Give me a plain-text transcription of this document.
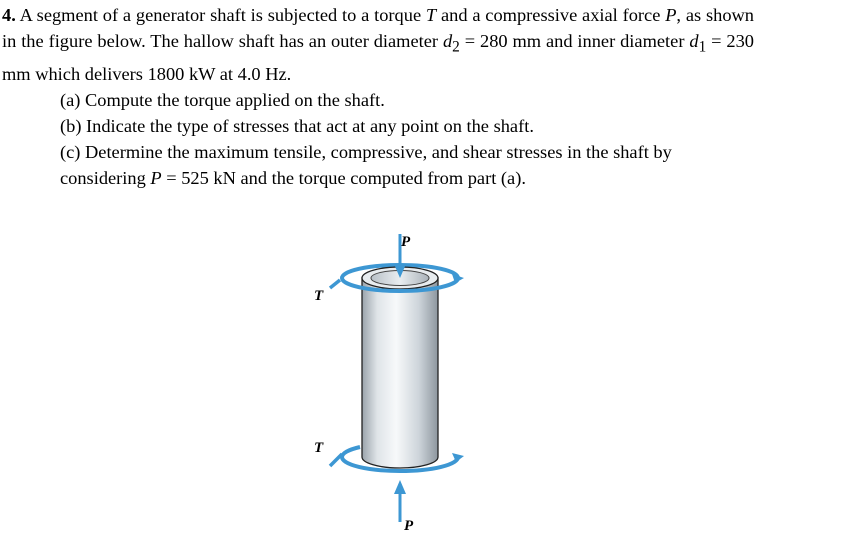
4. A segment of a generator shaft is subjected to a torque T and a compressive axial force P, as shown in the figure below. The hallow shaft has an outer diameter $d_2 = 280$ mm and inner diameter $d_1 = 230$ mm which delivers 1800 kW at 4.0 Hz.

(a) Compute the torque applied on the shaft.

(b) Indicate the type of stresses that act at any point on the shaft.

(c) Determine the maximum tensile, compressive, and shear stresses in the shaft by considering P = 525 kN and the torque computed from part (a).

P
P
T
T
